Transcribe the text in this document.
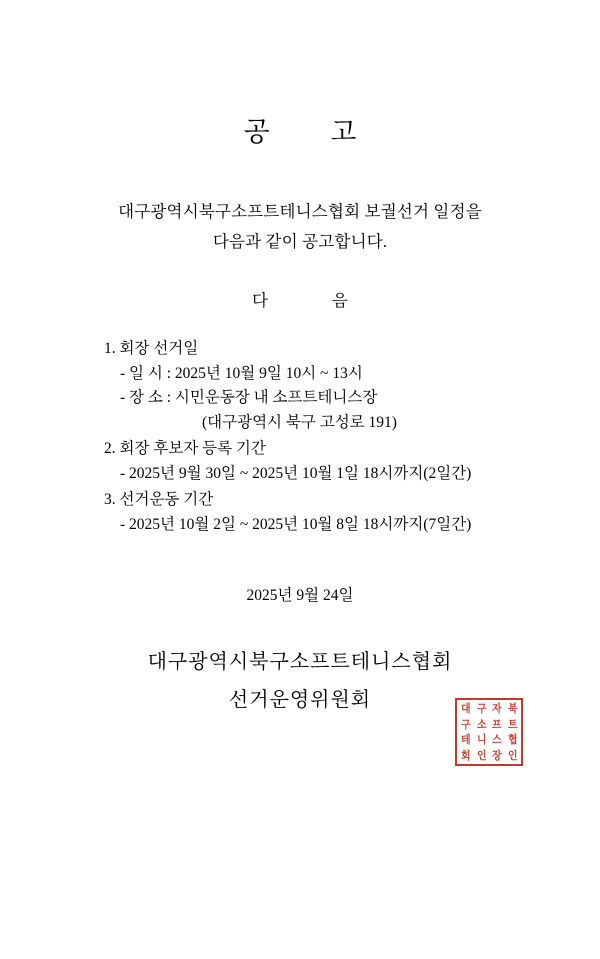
공 고
대구광역시북구소프트테니스협회 보궐선거 일정을
다음과 같이 공고합니다.
다 음
1. 회장 선거일
- 일 시 : 2025년 10월 9일 10시 ~ 13시
- 장 소 : 시민운동장 내 소프트테니스장
(대구광역시 북구 고성로 191)
2. 회장 후보자 등록 기간
- 2025년 9월 30일 ~ 2025년 10월 1일 18시까지(2일간)
3. 선거운동 기간
- 2025년 10월 2일 ~ 2025년 10월 8일 18시까지(7일간)
2025년 9월 24일
대구광역시북구소프트테니스협회
선거운영위원회	대 구 자 북
구 소 프 트
테 니 스 협
회 인 장 인
